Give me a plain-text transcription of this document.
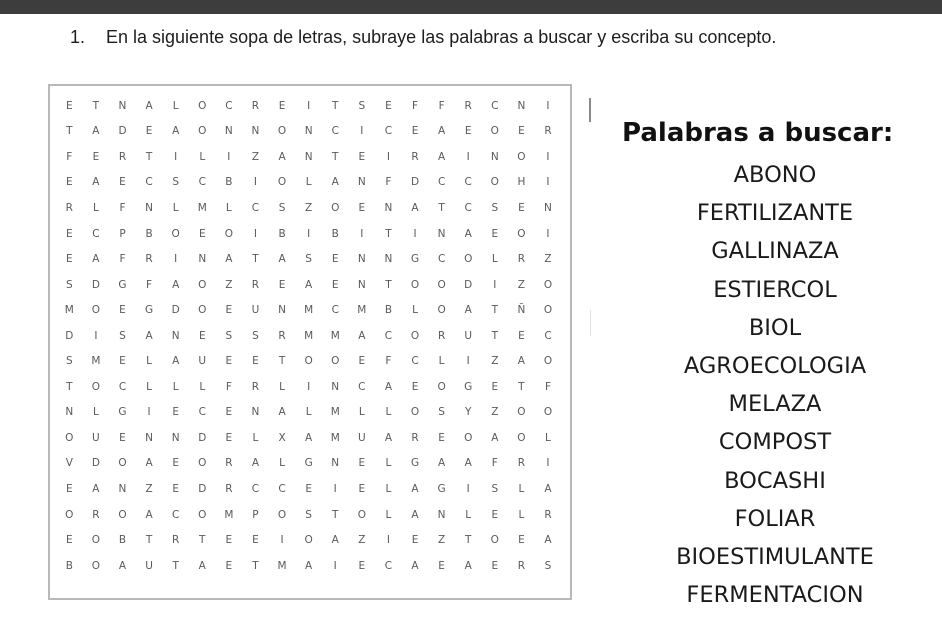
1. En la siguiente sopa de letras, subraye las palabras a buscar y escriba su concepto.
E	T	N	A	L	O	C	R	E	I	T	S	E	F	F	R	C	N	I
T	A	D	E	A	O	N	N	O	N	C	I	C	E	A	E	O	E	R
F	E	R	T	I	L	I	Z	A	N	T	E	I	R	A	I	N	O	I
E	A	E	C	S	C	B	I	O	L	A	N	F	D	C	C	O	H	I
R	L	F	N	L	M	L	C	S	Z	O	E	N	A	T	C	S	E	N
E	C	P	B	O	E	O	I	B	I	B	I	T	I	N	A	E	O	I
E	A	F	R	I	N	A	T	A	S	E	N	N	G	C	O	L	R	Z
S	D	G	F	A	O	Z	R	E	A	E	N	T	O	O	D	I	Z	O
M	O	E	G	D	O	E	U	N	M	C	M	B	L	O	A	T	Ñ	O
D	I	S	A	N	E	S	S	R	M	M	A	C	O	R	U	T	E	C
S	M	E	L	A	U	E	E	T	O	O	E	F	C	L	I	Z	A	O
T	O	C	L	L	L	F	R	L	I	N	C	A	E	O	G	E	T	F
N	L	G	I	E	C	E	N	A	L	M	L	L	O	S	Y	Z	O	O
O	U	E	N	N	D	E	L	X	A	M	U	A	R	E	O	A	O	L
V	D	O	A	E	O	R	A	L	G	N	E	L	G	A	A	F	R	I
E	A	N	Z	E	D	R	C	C	E	I	E	L	A	G	I	S	L	A
O	R	O	A	C	O	M	P	O	S	T	O	L	A	N	L	E	L	R
E	O	B	T	R	T	E	E	I	O	A	Z	I	E	Z	T	O	E	A
B	O	A	U	T	A	E	T	M	A	I	E	C	A	E	A	E	R	S
Palabras a buscar:
ABONO
FERTILIZANTE
GALLINAZA
ESTIERCOL
BIOL
AGROECOLOGIA
MELAZA
COMPOST
BOCASHI
FOLIAR
BIOESTIMULANTE
FERMENTACION
